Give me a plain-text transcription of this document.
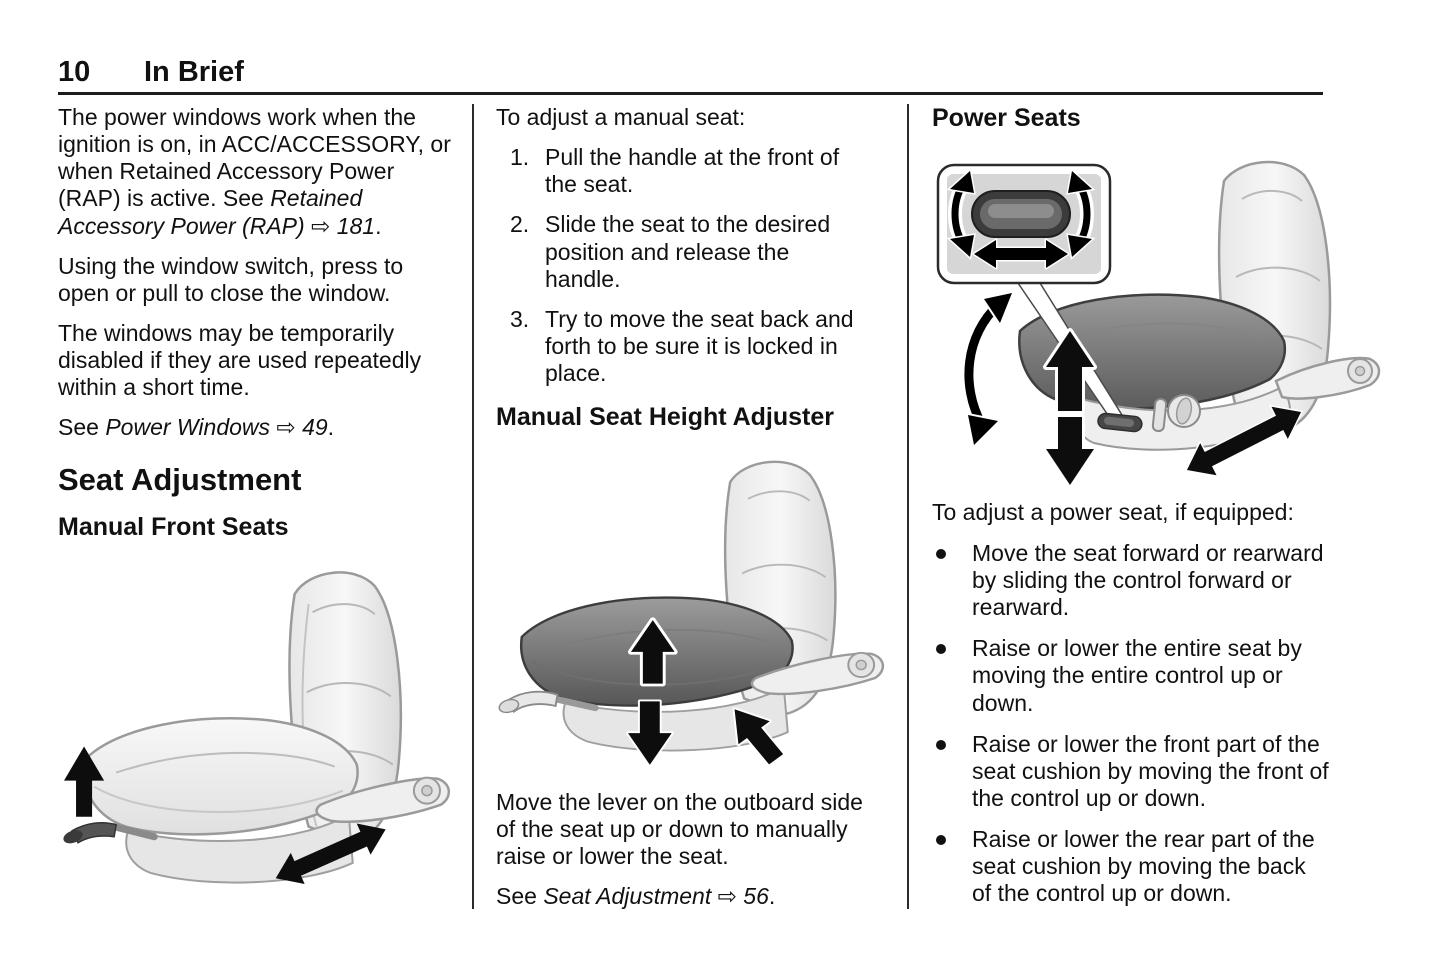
10	In Brief

The power windows work when the ignition is on, in ACC/ACCESSORY, or when Retained Accessory Power (RAP) is active. See Retained Accessory Power (RAP) ⇨ 181.

Using the window switch, press to open or pull to close the window.

The windows may be temporarily disabled if they are used repeatedly within a short time.

See Power Windows ⇨ 49.

Seat Adjustment
Manual Front Seats

To adjust a manual seat:

1. Pull the handle at the front of the seat.
2. Slide the seat to the desired position and release the handle.
3. Try to move the seat back and forth to be sure it is locked in place.
Manual Seat Height Adjuster

Move the lever on the outboard side of the seat up or down to manually raise or lower the seat.

See Seat Adjustment ⇨ 56.

Power Seats

To adjust a power seat, if equipped:

Move the seat forward or rearward by sliding the control forward or rearward.
Raise or lower the entire seat by moving the entire control up or down.
Raise or lower the front part of the seat cushion by moving the front of the control up or down.
Raise or lower the rear part of the seat cushion by moving the back of the control up or down.
